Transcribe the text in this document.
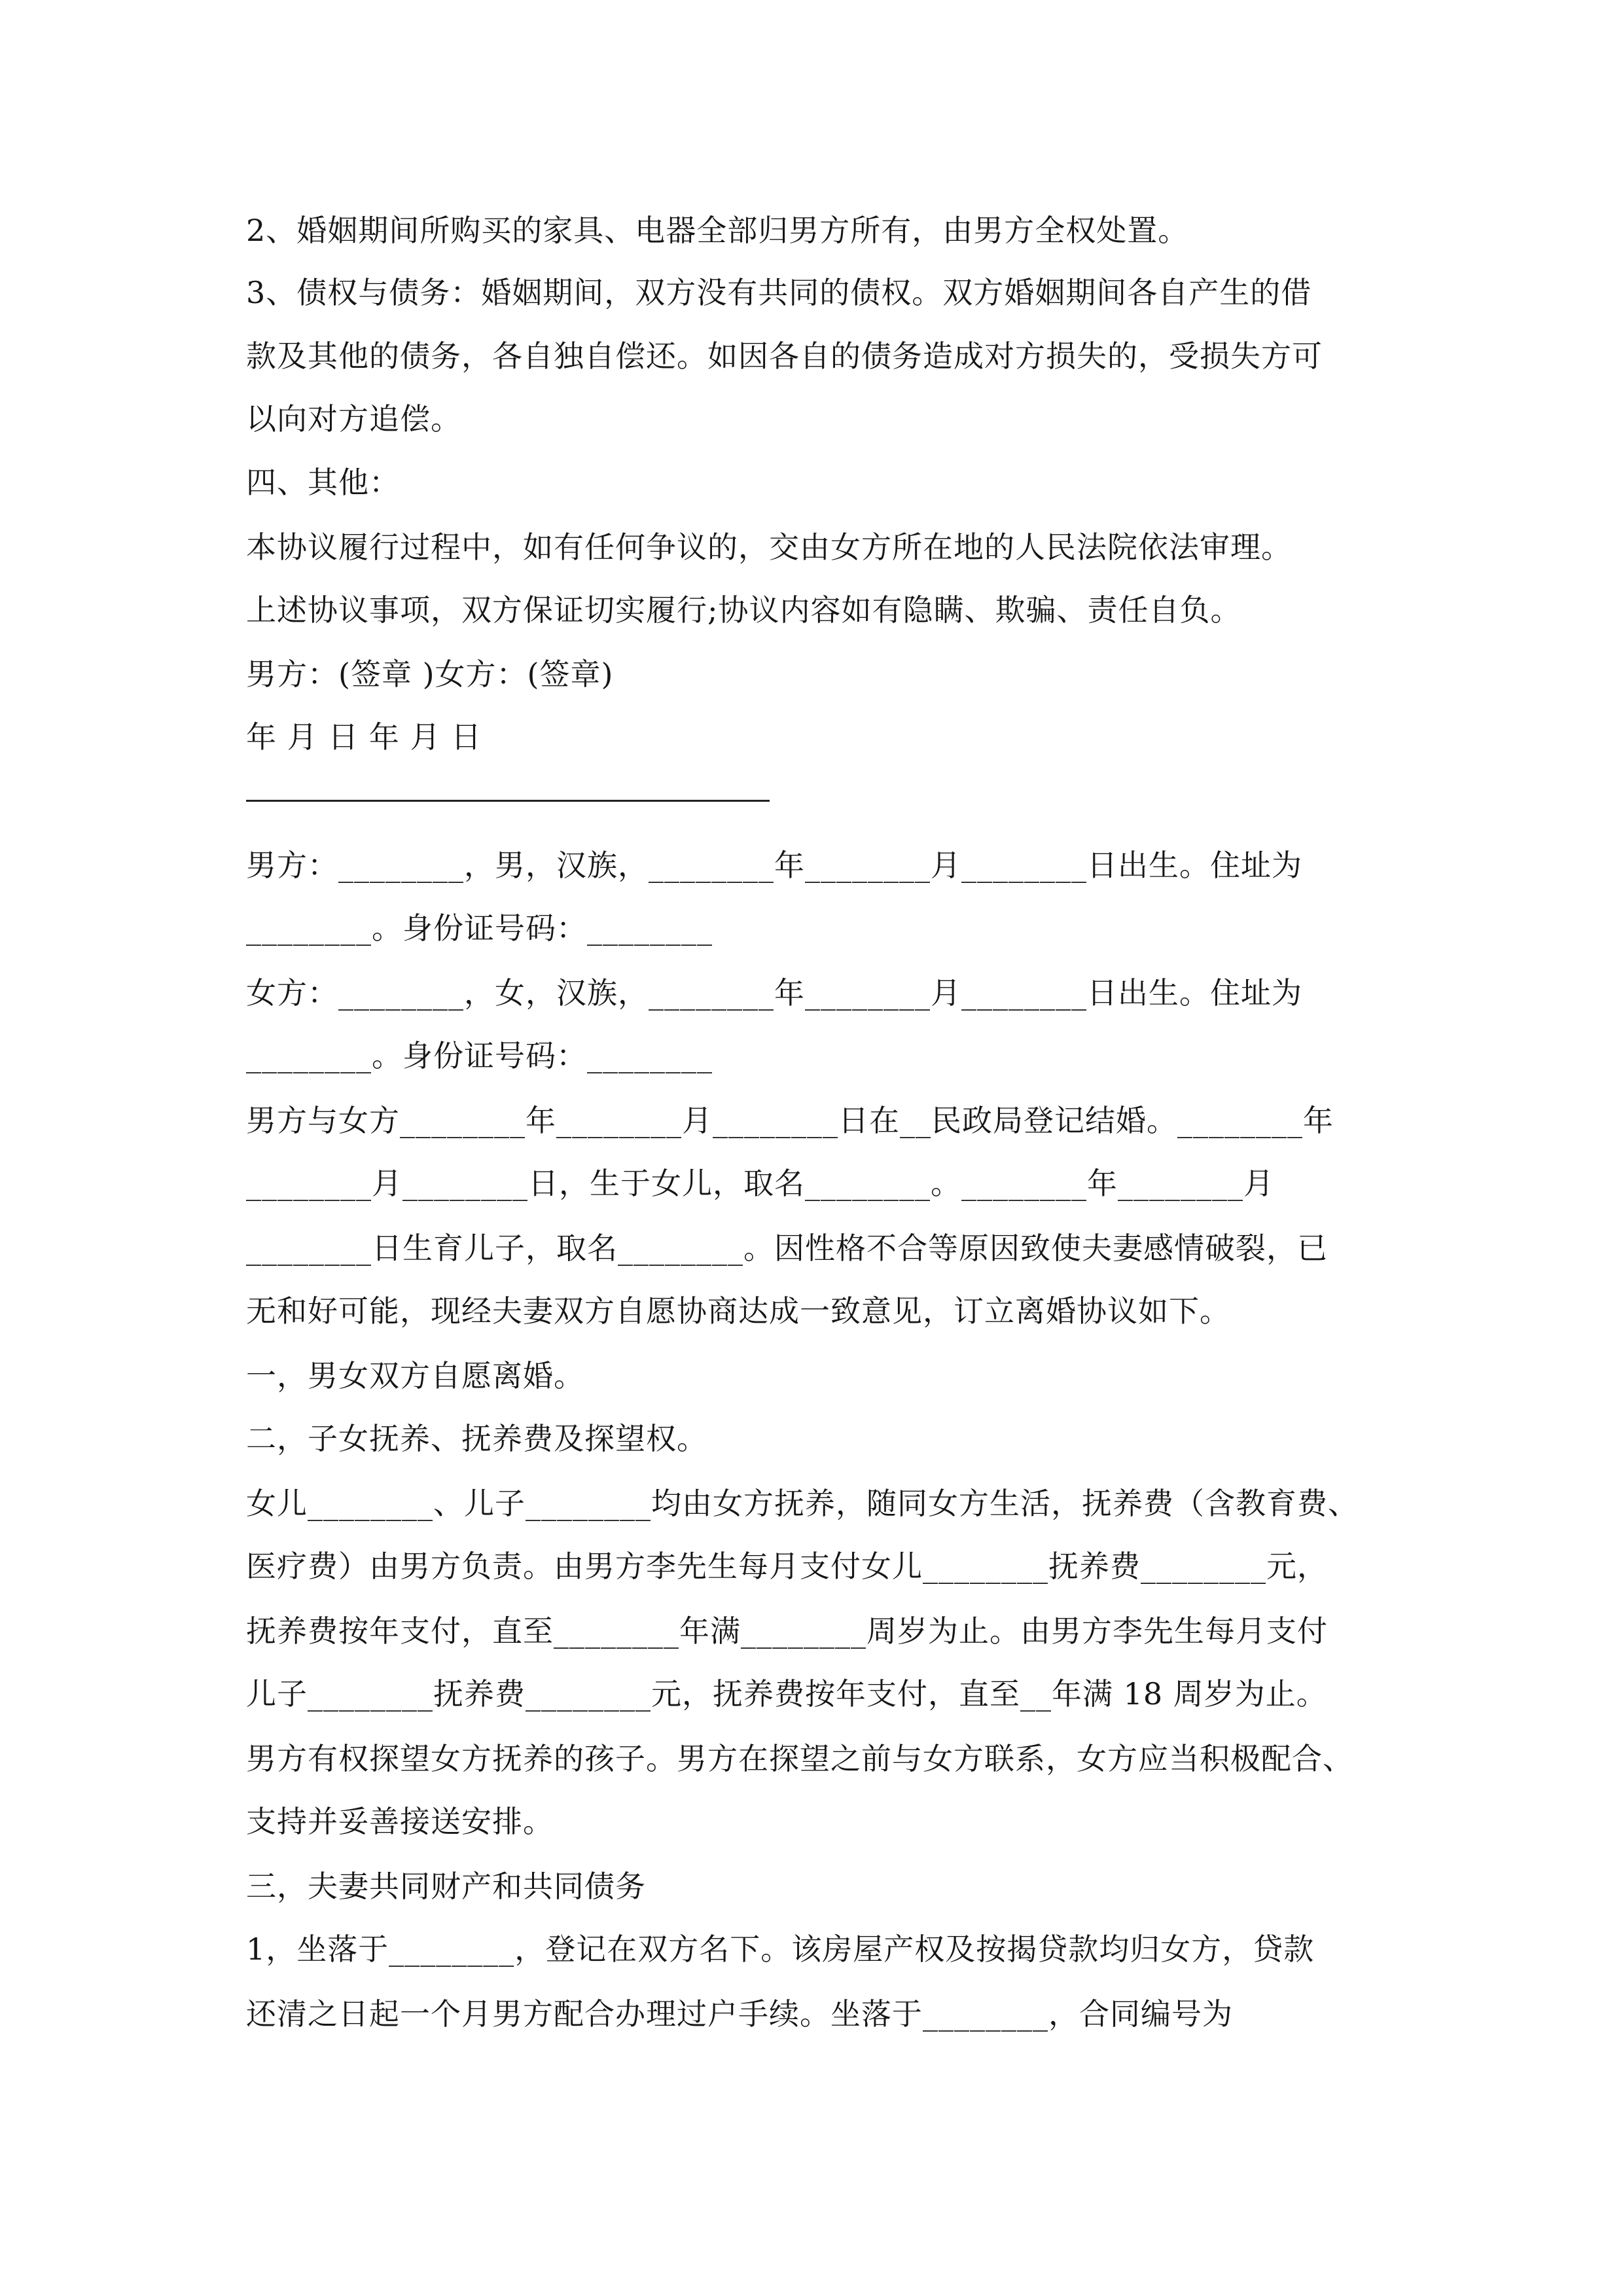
2、婚姻期间所购买的家具、电器全部归男方所有，由男方全权处置。
3、债权与债务：婚姻期间，双方没有共同的债权。双方婚姻期间各自产生的借
款及其他的债务，各自独自偿还。如因各自的债务造成对方损失的，受损失方可
以向对方追偿。
四、其他：
本协议履行过程中，如有任何争议的，交由女方所在地的人民法院依法审理。
上述协议事项，双方保证切实履行;协议内容如有隐瞒、欺骗、责任自负。
男方：(签章 )女方：(签章)
年 月 日 年 月 日
男方：________，男，汉族，________年________月________日出生。住址为
________。身份证号码：________
女方：________，女，汉族，________年________月________日出生。住址为
________。身份证号码：________
男方与女方________年________月________日在__民政局登记结婚。________年
________月________日，生于女儿，取名________。________年________月
________日生育儿子，取名________。因性格不合等原因致使夫妻感情破裂，已
无和好可能，现经夫妻双方自愿协商达成一致意见，订立离婚协议如下。
一，男女双方自愿离婚。
二，子女抚养、抚养费及探望权。
女儿________、儿子________均由女方抚养，随同女方生活，抚养费（含教育费、
医疗费）由男方负责。由男方李先生每月支付女儿________抚养费________元，
抚养费按年支付，直至________年满________周岁为止。由男方李先生每月支付
儿子________抚养费________元，抚养费按年支付，直至__年满 18 周岁为止。
男方有权探望女方抚养的孩子。男方在探望之前与女方联系，女方应当积极配合、
支持并妥善接送安排。
三，夫妻共同财产和共同债务
1，坐落于________，登记在双方名下。该房屋产权及按揭贷款均归女方，贷款
还清之日起一个月男方配合办理过户手续。坐落于________，合同编号为
